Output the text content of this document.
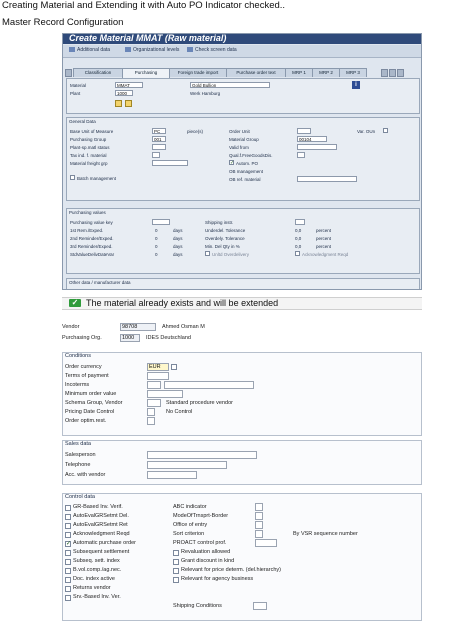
Creating Material and Extending it with Auto PO Indicator checked..
Master Record Configuration
Create Material MMAT (Raw material)
Additional data	Organizational levels	Check screen data
Classification	Purchasing	Foreign trade import	Purchase order text	MRP 1	MRP 2	MRP 3
Material	MMAT	Gold Bullion	i
Plant	1000	Werk Hamburg
General Data
Base Unit of Measure	PC	piece(s)	Order Unit	Var. OUn
Purchasing Group	001	Material Group	00104
Plant-sp.matl status	Valid from
Tax ind. f. material	Qual.f.FreeGoodsDis.
Material freight grp	✓ Autom. PO
OB management
Batch management	OB ref. material
Purchasing values
Purchasing value key	Shipping instr.
1st Rem./Exped.	0	days	Underdel. Tolerance	0,0	percent
2nd Reminder/Exped.	0	days	Overdely. Tolerance	0,0	percent
3rd Reminder/Exped.	0	days	Min. Del Qty in %	0,0	percent
StdValueDelivDateVar	0	days	Unltd Overdelivery	Acknowledgment Reqd
Other data / manufacturer data
✓ The material already exists and will be extended
Vendor	98708	Ahmed Osman M
Purchasing Org.	1000	IDES Deutschland
Conditions
Order currency	EUR
Terms of payment
Incoterms
Minimum order value
Schema Group, Vendor	Standard procedure vendor
Pricing Date Control	No Control
Order optim.rest.
Sales data
Salesperson
Telephone
Acc. with vendor
Control data
GR-Based Inv. Verif.
AutoEvalGRSetmt Del.
AutoEvalGRSetmt Ret
Acknowledgment Reqd
✓ Automatic purchase order
Subsequent settlement
Subseq. sett. index
B.vol.comp./ag.nec.
Doc. index active
Returns vendor
Srv.-Based Inv. Ver.
ABC indicator
ModeOfTrnsprt-Border
Office of entry
Sort criterion	By VSR sequence number
PROACT control prof.
Revaluation allowed
Grant discount in kind
Relevant for price determ. (del.hierarchy)
Relevant for agency business
Shipping Conditions
